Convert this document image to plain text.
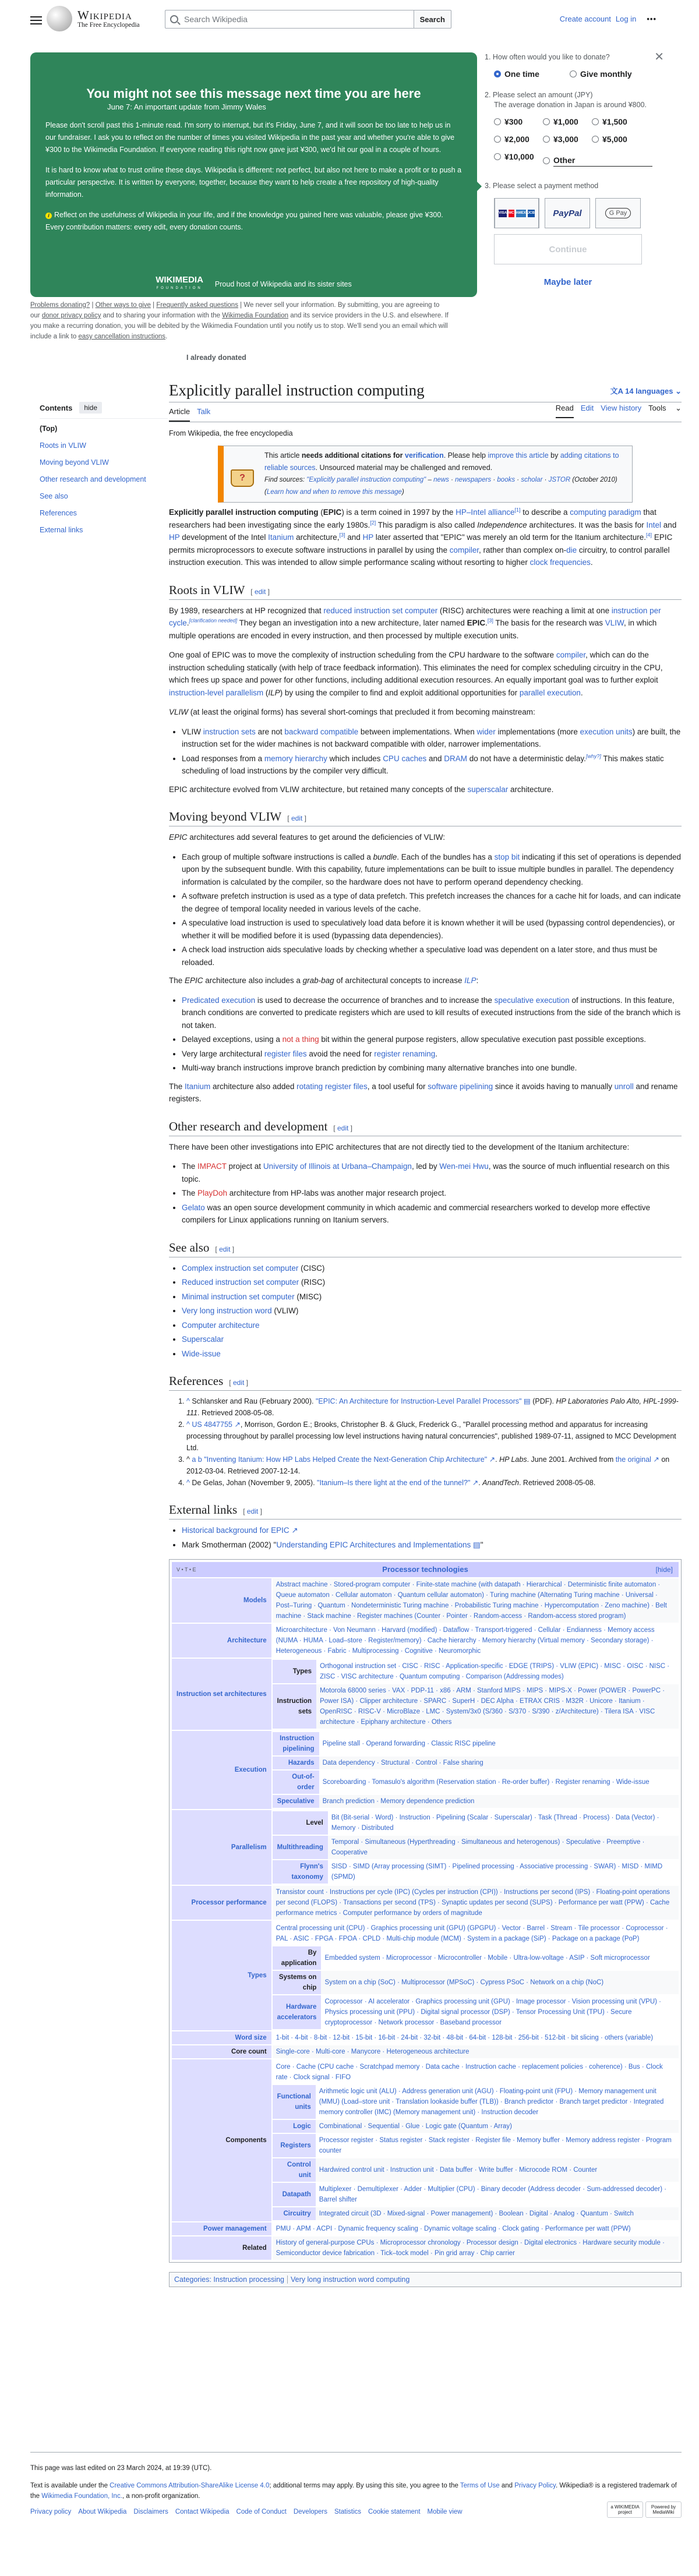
Wikipedia
The Free Encyclopedia
Search Wikipedia	Search	Create account Log in •••
You might not see this message next time you are here
June 7: An important update from Jimmy Wales

Please don't scroll past this 1-minute read. I'm sorry to interrupt, but it's Friday, June 7, and it will soon be too late to help us in our fundraiser. I ask you to reflect on the number of times you visited Wikipedia in the past year and whether you're able to give ¥300 to the Wikimedia Foundation. If everyone reading this right now gave just ¥300, we'd hit our goal in a couple of hours.

It is hard to know what to trust online these days. Wikipedia is different: not perfect, but also not here to make a profit or to push a particular perspective. It is written by everyone, together, because they want to help create a free repository of high-quality information.

i Reflect on the usefulness of Wikipedia in your life, and if the knowledge you gained here was valuable, please give ¥300. Every contribution matters: every edit, every donation counts.

WIKIMEDIA
FOUNDATION Proud host of Wikipedia and its sister sites
Problems donating? | Other ways to give | Frequently asked questions | We never sell your information. By submitting, you are agreeing to our donor privacy policy and to sharing your information with the Wikimedia Foundation and its service providers in the U.S. and elsewhere. If you make a recurring donation, you will be debited by the Wikimedia Foundation until you notify us to stop. We'll send you an email which will include a link to easy cancellation instructions.
✕
1. How often would you like to donate?
One time	Give monthly
2. Please select an amount (JPY)
The average donation in Japan is around ¥800.
¥300	¥1,000	¥1,500
¥2,000	¥3,000	¥5,000
¥10,000 Other
3. Please select a payment method
VISA MC AMEX JCB PayPal	G Pay
Continue
Maybe later
I already donated
Contents	hide
(Top)
Roots in VLIW
Moving beyond VLIW
Other research and development
See also
References
External links
Explicitly parallel instruction computing	文A 14 languages ⌄
Article Talk	Read Edit View history Tools ⌄
From Wikipedia, the free encyclopedia
?
This article needs additional citations for verification. Please help improve this article by adding citations to reliable sources. Unsourced material may be challenged and removed.
Find sources: "Explicitly parallel instruction computing" – news · newspapers · books · scholar · JSTOR (October 2010) (Learn how and when to remove this message)

Explicitly parallel instruction computing (EPIC) is a term coined in 1997 by the HP–Intel alliance[1] to describe a computing paradigm that researchers had been investigating since the early 1980s.[2] This paradigm is also called Independence architectures. It was the basis for Intel and HP development of the Intel Itanium architecture,[3] and HP later asserted that "EPIC" was merely an old term for the Itanium architecture.[4] EPIC permits microprocessors to execute software instructions in parallel by using the compiler, rather than complex on-die circuitry, to control parallel instruction execution. This was intended to allow simple performance scaling without resorting to higher clock frequencies.

Roots in VLIW [ edit ]

By 1989, researchers at HP recognized that reduced instruction set computer (RISC) architectures were reaching a limit at one instruction per cycle.[clarification needed] They began an investigation into a new architecture, later named EPIC.[3] The basis for the research was VLIW, in which multiple operations are encoded in every instruction, and then processed by multiple execution units.

One goal of EPIC was to move the complexity of instruction scheduling from the CPU hardware to the software compiler, which can do the instruction scheduling statically (with help of trace feedback information). This eliminates the need for complex scheduling circuitry in the CPU, which frees up space and power for other functions, including additional execution resources. An equally important goal was to further exploit instruction-level parallelism (ILP) by using the compiler to find and exploit additional opportunities for parallel execution.

VLIW (at least the original forms) has several short-comings that precluded it from becoming mainstream:

• VLIW instruction sets are not backward compatible between implementations. When wider implementations (more execution units) are built, the instruction set for the wider machines is not backward compatible with older, narrower implementations.
• Load responses from a memory hierarchy which includes CPU caches and DRAM do not have a deterministic delay.[why?] This makes static scheduling of load instructions by the compiler very difficult.

EPIC architecture evolved from VLIW architecture, but retained many concepts of the superscalar architecture.

Moving beyond VLIW [ edit ]

EPIC architectures add several features to get around the deficiencies of VLIW:

• Each group of multiple software instructions is called a bundle. Each of the bundles has a stop bit indicating if this set of operations is depended upon by the subsequent bundle. With this capability, future implementations can be built to issue multiple bundles in parallel. The dependency information is calculated by the compiler, so the hardware does not have to perform operand dependency checking.
• A software prefetch instruction is used as a type of data prefetch. This prefetch increases the chances for a cache hit for loads, and can indicate the degree of temporal locality needed in various levels of the cache.
• A speculative load instruction is used to speculatively load data before it is known whether it will be used (bypassing control dependencies), or whether it will be modified before it is used (bypassing data dependencies).
• A check load instruction aids speculative loads by checking whether a speculative load was dependent on a later store, and thus must be reloaded.

The EPIC architecture also includes a grab-bag of architectural concepts to increase ILP:

• Predicated execution is used to decrease the occurrence of branches and to increase the speculative execution of instructions. In this feature, branch conditions are converted to predicate registers which are used to kill results of executed instructions from the side of the branch which is not taken.
• Delayed exceptions, using a not a thing bit within the general purpose registers, allow speculative execution past possible exceptions.
• Very large architectural register files avoid the need for register renaming.
• Multi-way branch instructions improve branch prediction by combining many alternative branches into one bundle.

The Itanium architecture also added rotating register files, a tool useful for software pipelining since it avoids having to manually unroll and rename registers.

Other research and development [ edit ]

There have been other investigations into EPIC architectures that are not directly tied to the development of the Itanium architecture:

• The IMPACT project at University of Illinois at Urbana–Champaign, led by Wen-mei Hwu, was the source of much influential research on this topic.
• The PlayDoh architecture from HP-labs was another major research project.
• Gelato was an open source development community in which academic and commercial researchers worked to develop more effective compilers for Linux applications running on Itanium servers.
See also [ edit ]
• Complex instruction set computer (CISC)
• Reduced instruction set computer (RISC)
• Minimal instruction set computer (MISC)
• Very long instruction word (VLIW)
• Computer architecture
• Superscalar
• Wide-issue
References [ edit ]
1. ^ Schlansker and Rau (February 2000). "EPIC: An Architecture for Instruction-Level Parallel Processors" ▤ (PDF). HP Laboratories Palo Alto, HPL-1999-111. Retrieved 2008-05-08.
2. ^ US 4847755 ↗, Morrison, Gordon E.; Brooks, Christopher B. & Gluck, Frederick G., "Parallel processing method and apparatus for increasing processing throughout by parallel processing low level instructions having natural concurrencies", published 1989-07-11, assigned to MCC Development Ltd.
3. ^ a b "Inventing Itanium: How HP Labs Helped Create the Next-Generation Chip Architecture" ↗. HP Labs. June 2001. Archived from the original ↗ on 2012-03-04. Retrieved 2007-12-14.
4. ^ De Gelas, Johan (November 9, 2005). "Itanium–Is there light at the end of the tunnel?" ↗. AnandTech. Retrieved 2008-05-08.
External links [ edit ]
• Historical background for EPIC ↗
• Mark Smotherman (2002) "Understanding EPIC Architectures and Implementations ▤"
V • T • E	Processor technologies	[hide]

Models	Abstract machine · Stored-program computer · Finite-state machine (with datapath · Hierarchical · Deterministic finite automaton · Queue automaton · Cellular automaton · Quantum cellular automaton) · Turing machine (Alternating Turing machine · Universal · Post–Turing · Quantum · Nondeterministic Turing machine · Probabilistic Turing machine · Hypercomputation · Zeno machine) · Belt machine · Stack machine · Register machines (Counter · Pointer · Random-access · Random-access stored program)
Architecture	Microarchitecture · Von Neumann · Harvard (modified) · Dataflow · Transport-triggered · Cellular · Endianness · Memory access (NUMA · HUMA · Load–store · Register/memory) · Cache hierarchy · Memory hierarchy (Virtual memory · Secondary storage) · Heterogeneous · Fabric · Multiprocessing · Cognitive · Neuromorphic
Instruction set architectures	
Types	Orthogonal instruction set · CISC · RISC · Application-specific · EDGE (TRIPS) · VLIW (EPIC) · MISC · OISC · NISC · ZISC · VISC architecture · Quantum computing · Comparison (Addressing modes)
Instruction sets	Motorola 68000 series · VAX · PDP-11 · x86 · ARM · Stanford MIPS · MIPS · MIPS-X · Power (POWER · PowerPC · Power ISA) · Clipper architecture · SPARC · SuperH · DEC Alpha · ETRAX CRIS · M32R · Unicore · Itanium · OpenRISC · RISC-V · MicroBlaze · LMC · System/3x0 (S/360 · S/370 · S/390 · z/Architecture) · Tilera ISA · VISC architecture · Epiphany architecture · Others

Execution	
Instruction pipelining	Pipeline stall · Operand forwarding · Classic RISC pipeline
Hazards	Data dependency · Structural · Control · False sharing
Out-of-order	Scoreboarding · Tomasulo's algorithm (Reservation station · Re-order buffer) · Register renaming · Wide-issue
Speculative	Branch prediction · Memory dependence prediction

Parallelism	
Level	Bit (Bit-serial · Word) · Instruction · Pipelining (Scalar · Superscalar) · Task (Thread · Process) · Data (Vector) · Memory · Distributed
Multithreading	Temporal · Simultaneous (Hyperthreading · Simultaneous and heterogenous) · Speculative · Preemptive · Cooperative
Flynn's taxonomy	SISD · SIMD (Array processing (SIMT) · Pipelined processing · Associative processing · SWAR) · MISD · MIMD (SPMD)

Processor performance	Transistor count · Instructions per cycle (IPC) (Cycles per instruction (CPI)) · Instructions per second (IPS) · Floating-point operations per second (FLOPS) · Transactions per second (TPS) · Synaptic updates per second (SUPS) · Performance per watt (PPW) · Cache performance metrics · Computer performance by orders of magnitude
Types	
Central processing unit (CPU) · Graphics processing unit (GPU) (GPGPU) · Vector · Barrel · Stream · Tile processor · Coprocessor · PAL · ASIC · FPGA · FPOA · CPLD · Multi-chip module (MCM) · System in a package (SiP) · Package on a package (PoP)
By application	Embedded system · Microprocessor · Microcontroller · Mobile · Ultra-low-voltage · ASIP · Soft microprocessor
Systems on chip	System on a chip (SoC) · Multiprocessor (MPSoC) · Cypress PSoC · Network on a chip (NoC)
Hardware accelerators	Coprocessor · AI accelerator · Graphics processing unit (GPU) · Image processor · Vision processing unit (VPU) · Physics processing unit (PPU) · Digital signal processor (DSP) · Tensor Processing Unit (TPU) · Secure cryptoprocessor · Network processor · Baseband processor

Word size	1-bit · 4-bit · 8-bit · 12-bit · 15-bit · 16-bit · 24-bit · 32-bit · 48-bit · 64-bit · 128-bit · 256-bit · 512-bit · bit slicing · others (variable)
Core count	Single-core · Multi-core · Manycore · Heterogeneous architecture
Components	
Core · Cache (CPU cache · Scratchpad memory · Data cache · Instruction cache · replacement policies · coherence) · Bus · Clock rate · Clock signal · FIFO
Functional units	Arithmetic logic unit (ALU) · Address generation unit (AGU) · Floating-point unit (FPU) · Memory management unit (MMU) (Load–store unit · Translation lookaside buffer (TLB)) · Branch predictor · Branch target predictor · Integrated memory controller (IMC) (Memory management unit) · Instruction decoder
Logic	Combinational · Sequential · Glue · Logic gate (Quantum · Array)
Registers	Processor register · Status register · Stack register · Register file · Memory buffer · Memory address register · Program counter
Control unit	Hardwired control unit · Instruction unit · Data buffer · Write buffer · Microcode ROM · Counter
Datapath	Multiplexer · Demultiplexer · Adder · Multiplier (CPU) · Binary decoder (Address decoder · Sum-addressed decoder) · Barrel shifter
Circuitry	Integrated circuit (3D · Mixed-signal · Power management) · Boolean · Digital · Analog · Quantum · Switch

Power management	PMU · APM · ACPI · Dynamic frequency scaling · Dynamic voltage scaling · Clock gating · Performance per watt (PPW)
Related	History of general-purpose CPUs · Microprocessor chronology · Processor design · Digital electronics · Hardware security module · Semiconductor device fabrication · Tick–tock model · Pin grid array · Chip carrier
Categories: Instruction processing Very long instruction word computing

This page was last edited on 23 March 2024, at 19:39 (UTC).

Text is available under the Creative Commons Attribution-ShareAlike License 4.0; additional terms may apply. By using this site, you agree to the Terms of Use and Privacy Policy. Wikipedia® is a registered trademark of the Wikimedia Foundation, Inc., a non-profit organization.

Privacy policy About Wikipedia Disclaimers Contact Wikipedia Code of Conduct Developers Statistics Cookie statement Mobile view
a WIKIMEDIA project
Powered by MediaWiki
